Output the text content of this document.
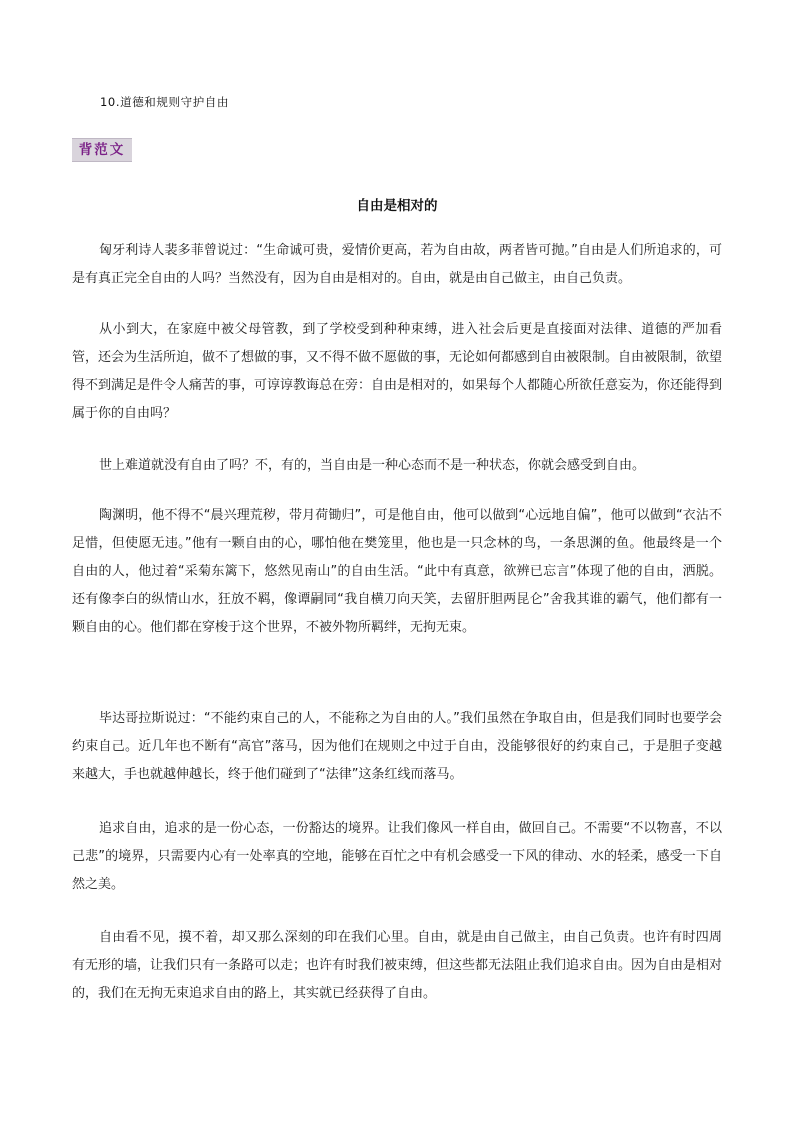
10.道德和规则守护自由
背范文
自由是相对的

匈牙利诗人裴多菲曾说过：“生命诚可贵，爱情价更高，若为自由故，两者皆可抛。”自由是人们所追求的，可是有真正完全自由的人吗？当然没有，因为自由是相对的。自由，就是由自己做主，由自己负责。

从小到大，在家庭中被父母管教，到了学校受到种种束缚，进入社会后更是直接面对法律、道德的严加看管，还会为生活所迫，做不了想做的事，又不得不做不愿做的事，无论如何都感到自由被限制。自由被限制，欲望得不到满足是件令人痛苦的事，可谆谆教诲总在旁：自由是相对的，如果每个人都随心所欲任意妄为，你还能得到属于你的自由吗？

世上难道就没有自由了吗？不，有的，当自由是一种心态而不是一种状态，你就会感受到自由。

陶渊明，他不得不“晨兴理荒秽，带月荷锄归”，可是他自由，他可以做到“心远地自偏”，他可以做到“衣沾不足惜，但使愿无违。”他有一颗自由的心，哪怕他在樊笼里，他也是一只念林的鸟，一条思渊的鱼。他最终是一个自由的人，他过着“采菊东篱下，悠然见南山”的自由生活。“此中有真意，欲辨已忘言”体现了他的自由，洒脱。还有像李白的纵情山水，狂放不羁，像谭嗣同“我自横刀向天笑，去留肝胆两昆仑”舍我其谁的霸气，他们都有一颗自由的心。他们都在穿梭于这个世界，不被外物所羁绊，无拘无束。

毕达哥拉斯说过：“不能约束自己的人，不能称之为自由的人。”我们虽然在争取自由，但是我们同时也要学会约束自己。近几年也不断有“高官”落马，因为他们在规则之中过于自由，没能够很好的约束自己，于是胆子变越来越大，手也就越伸越长，终于他们碰到了“法律”这条红线而落马。

追求自由，追求的是一份心态，一份豁达的境界。让我们像风一样自由，做回自己。不需要“不以物喜，不以己悲”的境界，只需要内心有一处率真的空地，能够在百忙之中有机会感受一下风的律动、水的轻柔，感受一下自然之美。

自由看不见，摸不着，却又那么深刻的印在我们心里。自由，就是由自己做主，由自己负责。也许有时四周有无形的墙，让我们只有一条路可以走；也许有时我们被束缚，但这些都无法阻止我们追求自由。因为自由是相对的，我们在无拘无束追求自由的路上，其实就已经获得了自由。
